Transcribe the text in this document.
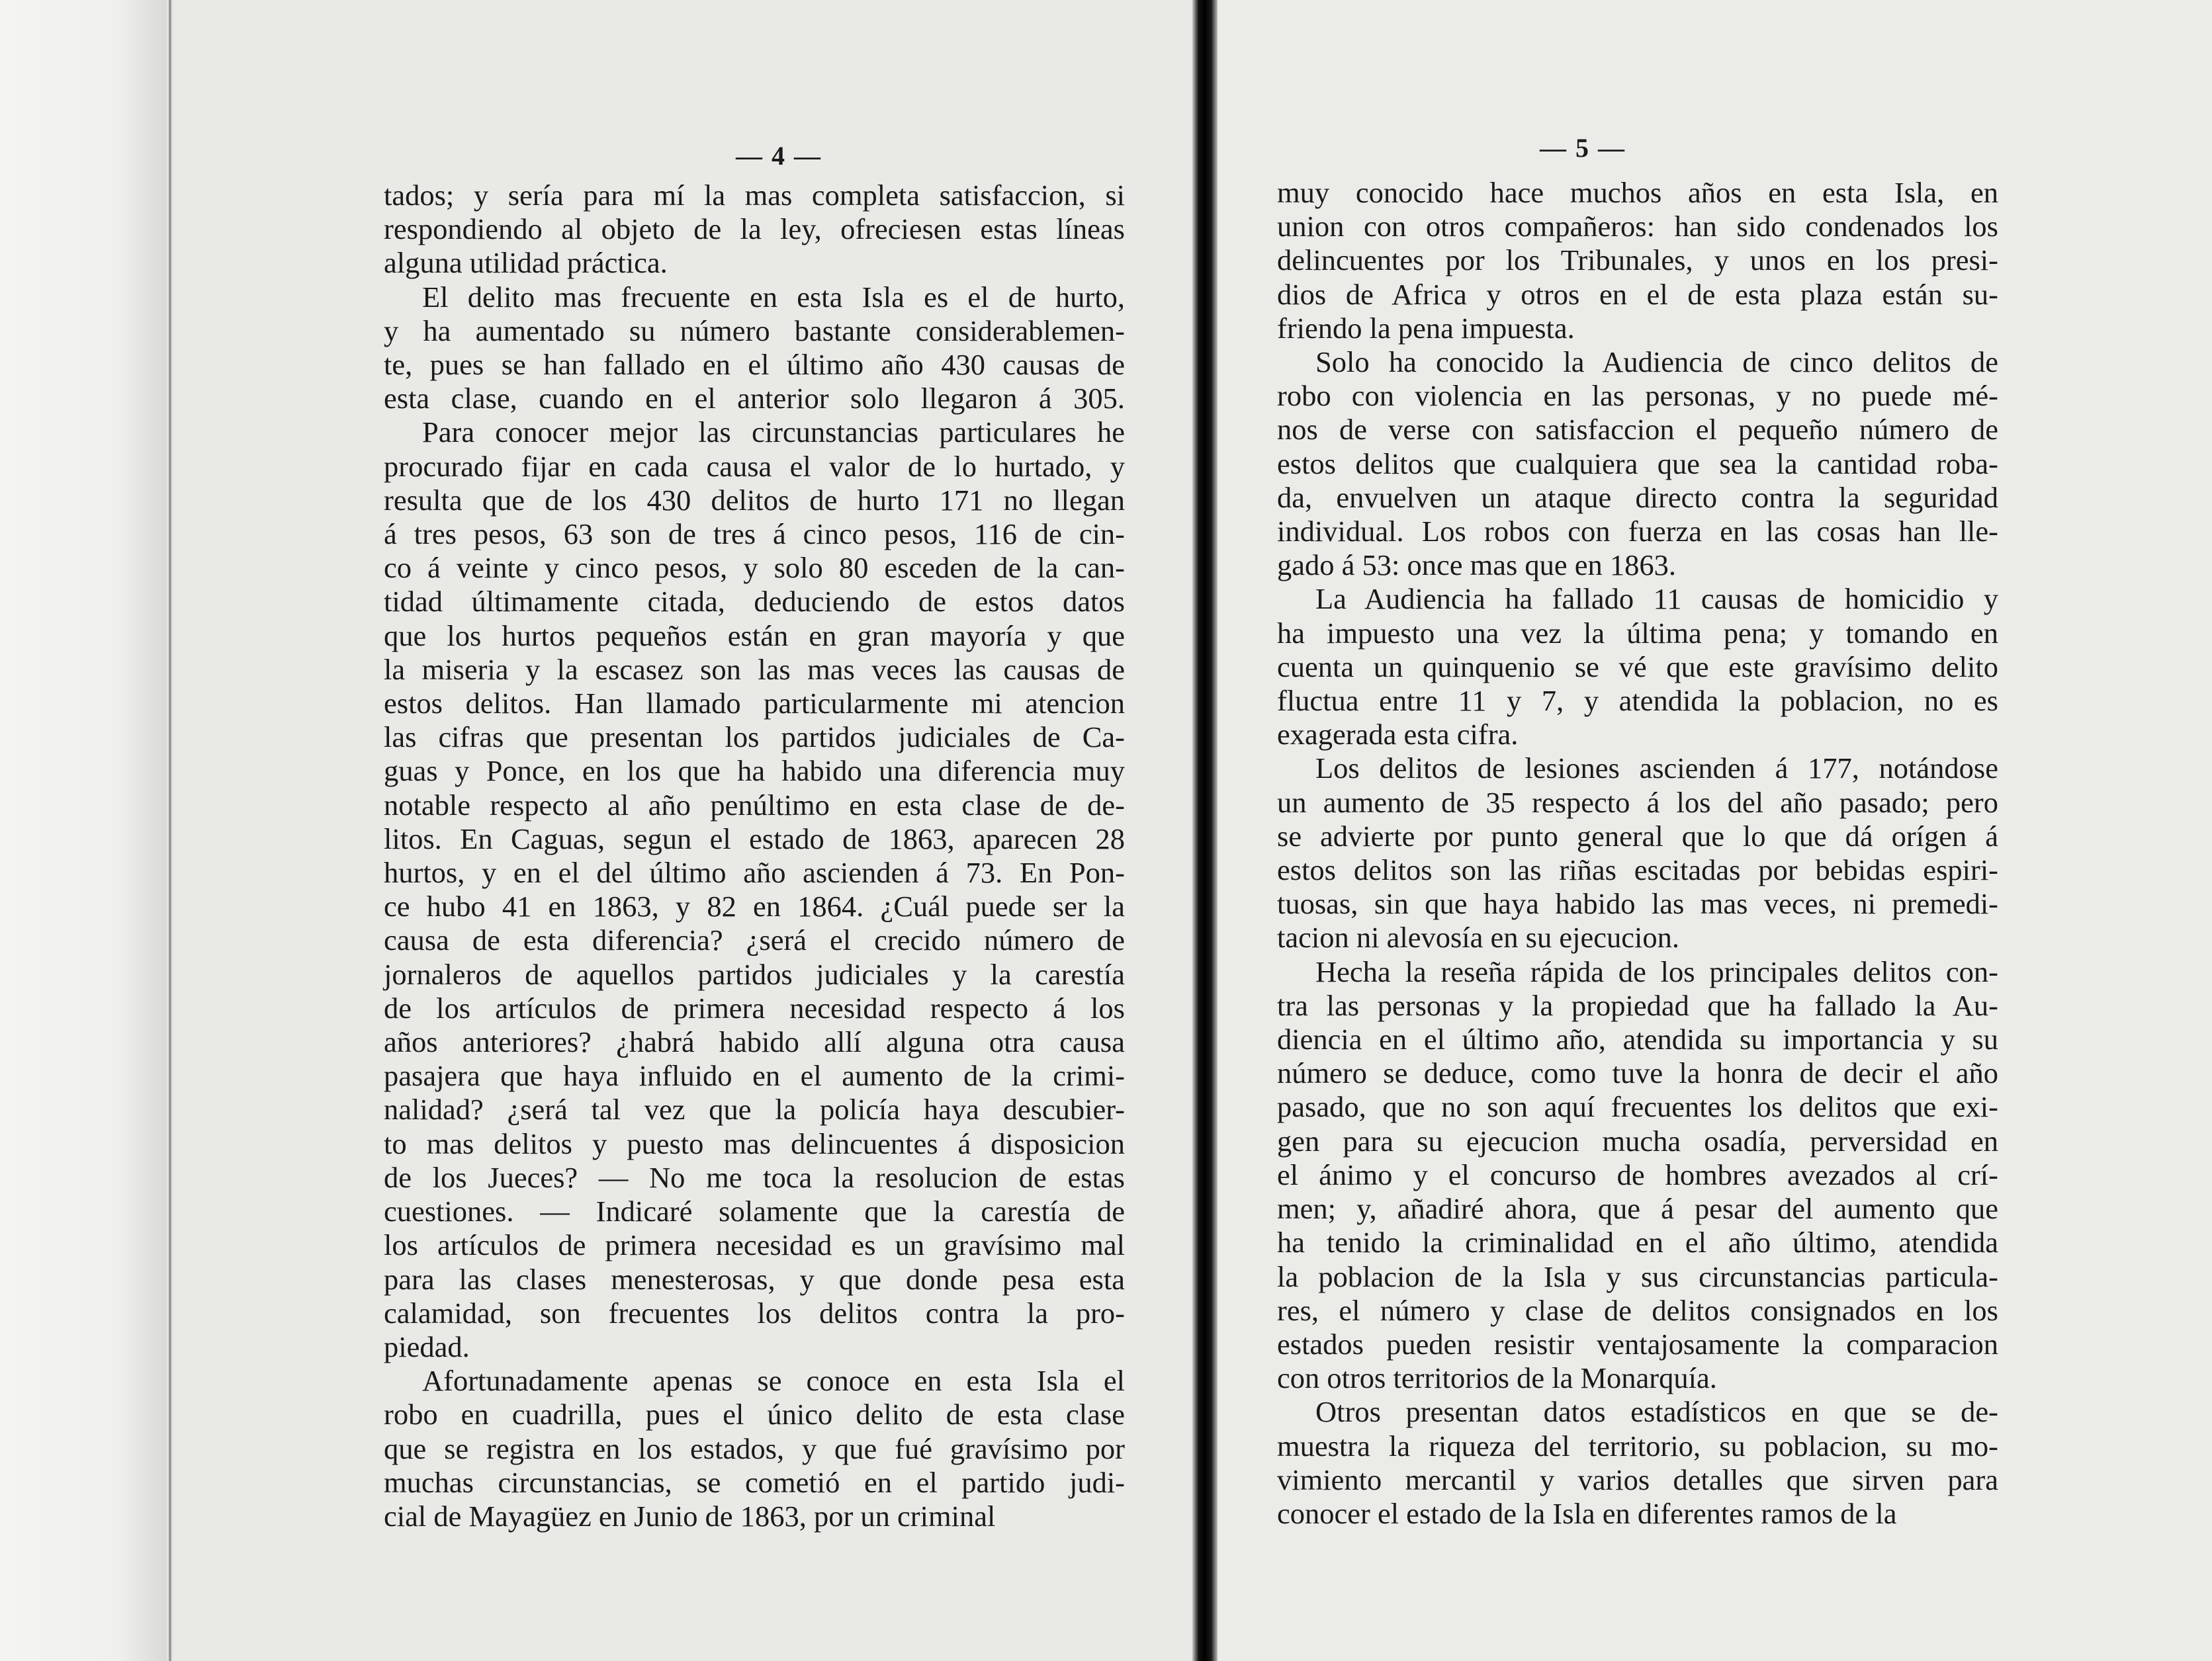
— 4 —	— 5 —
tados; y sería para mí la mas completa satisfaccion, si
respondiendo al objeto de la ley, ofreciesen estas líneas
alguna utilidad práctica.
El delito mas frecuente en esta Isla es el de hurto,
y ha aumentado su número bastante considerablemen-
te, pues se han fallado en el último año 430 causas de
esta clase, cuando en el anterior solo llegaron á 305.
Para conocer mejor las circunstancias particulares he
procurado fijar en cada causa el valor de lo hurtado, y
resulta que de los 430 delitos de hurto 171 no llegan
á tres pesos, 63 son de tres á cinco pesos, 116 de cin-
co á veinte y cinco pesos, y solo 80 esceden de la can-
tidad últimamente citada, deduciendo de estos datos
que los hurtos pequeños están en gran mayoría y que
la miseria y la escasez son las mas veces las causas de
estos delitos. Han llamado particularmente mi atencion
las cifras que presentan los partidos judiciales de Ca-
guas y Ponce, en los que ha habido una diferencia muy
notable respecto al año penúltimo en esta clase de de-
litos. En Caguas, segun el estado de 1863, aparecen 28
hurtos, y en el del último año ascienden á 73. En Pon-
ce hubo 41 en 1863, y 82 en 1864. ¿Cuál puede ser la
causa de esta diferencia? ¿será el crecido número de
jornaleros de aquellos partidos judiciales y la carestía
de los artículos de primera necesidad respecto á los
años anteriores? ¿habrá habido allí alguna otra causa
pasajera que haya influido en el aumento de la crimi-
nalidad? ¿será tal vez que la policía haya descubier-
to mas delitos y puesto mas delincuentes á disposicion
de los Jueces? — No me toca la resolucion de estas
cuestiones. — Indicaré solamente que la carestía de
los artículos de primera necesidad es un gravísimo mal
para las clases menesterosas, y que donde pesa esta
calamidad, son frecuentes los delitos contra la pro-
piedad.
Afortunadamente apenas se conoce en esta Isla el
robo en cuadrilla, pues el único delito de esta clase
que se registra en los estados, y que fué gravísimo por
muchas circunstancias, se cometió en el partido judi-
cial de Mayagüez en Junio de 1863, por un criminal
muy conocido hace muchos años en esta Isla, en
union con otros compañeros: han sido condenados los
delincuentes por los Tribunales, y unos en los presi-
dios de Africa y otros en el de esta plaza están su-
friendo la pena impuesta.
Solo ha conocido la Audiencia de cinco delitos de
robo con violencia en las personas, y no puede mé-
nos de verse con satisfaccion el pequeño número de
estos delitos que cualquiera que sea la cantidad roba-
da, envuelven un ataque directo contra la seguridad
individual. Los robos con fuerza en las cosas han lle-
gado á 53: once mas que en 1863.
La Audiencia ha fallado 11 causas de homicidio y
ha impuesto una vez la última pena; y tomando en
cuenta un quinquenio se vé que este gravísimo delito
fluctua entre 11 y 7, y atendida la poblacion, no es
exagerada esta cifra.
Los delitos de lesiones ascienden á 177, notándose
un aumento de 35 respecto á los del año pasado; pero
se advierte por punto general que lo que dá orígen á
estos delitos son las riñas escitadas por bebidas espiri-
tuosas, sin que haya habido las mas veces, ni premedi-
tacion ni alevosía en su ejecucion.
Hecha la reseña rápida de los principales delitos con-
tra las personas y la propiedad que ha fallado la Au-
diencia en el último año, atendida su importancia y su
número se deduce, como tuve la honra de decir el año
pasado, que no son aquí frecuentes los delitos que exi-
gen para su ejecucion mucha osadía, perversidad en
el ánimo y el concurso de hombres avezados al crí-
men; y, añadiré ahora, que á pesar del aumento que
ha tenido la criminalidad en el año último, atendida
la poblacion de la Isla y sus circunstancias particula-
res, el número y clase de delitos consignados en los
estados pueden resistir ventajosamente la comparacion
con otros territorios de la Monarquía.
Otros presentan datos estadísticos en que se de-
muestra la riqueza del territorio, su poblacion, su mo-
vimiento mercantil y varios detalles que sirven para
conocer el estado de la Isla en diferentes ramos de la
